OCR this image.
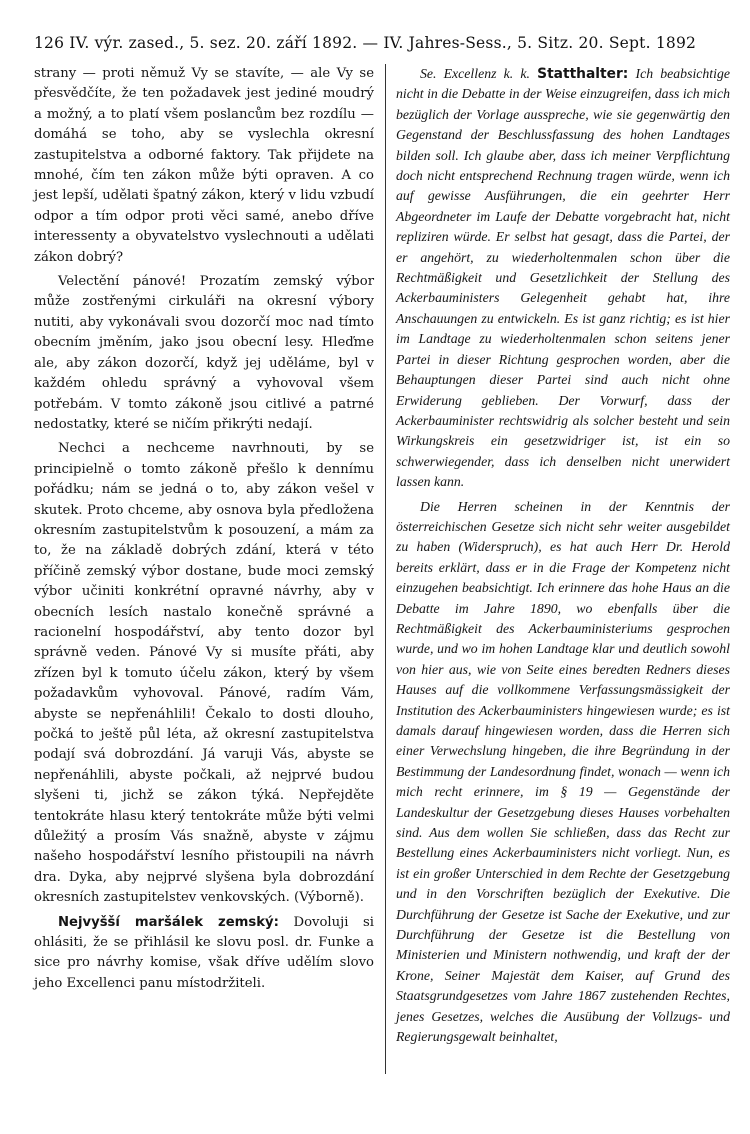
126 IV. výr. zased., 5. sez. 20. září 1892. — IV. Jahres-Sess., 5. Sitz. 20. Sept. 1892

strany — proti němuž Vy se stavíte, — ale Vy se přesvědčíte, že ten požadavek jest jediné moudrý a možný, a to platí všem poslancům bez rozdílu — domáhá se toho, aby se vyslechla okresní zastupitelstva a odborné faktory. Tak přijdete na mnohé, čím ten zákon může býti opraven. A co jest lepší, udělati špatný zákon, který v lidu vzbudí odpor a tím odpor proti věci samé, anebo dříve interessenty a obyvatelstvo vyslechnouti a udělati zákon dobrý?

Velectění pánové! Prozatím zemský výbor může zostřenými cirkuláři na okresní výbory nutiti, aby vykonávali svou dozorčí moc nad tímto obecním jměním, jako jsou obecní lesy. Hleďme ale, aby zákon dozorčí, když jej uděláme, byl v každém ohledu správný a vyhovoval všem potřebám. V tomto zákoně jsou citlivé a patrné nedostatky, které se ničím přikrýti nedají.

Nechci a nechceme navrhnouti, by se principielně o tomto zákoně přešlo k dennímu pořádku; nám se jedná o to, aby zákon vešel v skutek. Proto chceme, aby osnova byla předložena okresním zastupitelstvům k posouzení, a mám za to, že na základě dobrých zdání, která v této příčině zemský výbor dostane, bude moci zemský výbor učiniti konkrétní opravné návrhy, aby v obecních lesích nastalo konečně správné a racionelní hospodářství, aby tento dozor byl správně veden. Pánové Vy si musíte přáti, aby zřízen byl k tomuto účelu zákon, který by všem požadavkům vyhovoval. Pánové, radím Vám, abyste se nepřenáhlili! Čekalo to dosti dlouho, počká to ještě půl léta, až okresní zastupitelstva podají svá dobrozdání. Já varuji Vás, abyste se nepřenáhlili, abyste počkali, až nejprvé budou slyšeni ti, jichž se zákon týká. Nepřejděte tentokráte hlasu který tentokráte může býti velmi důležitý a prosím Vás snažně, abyste v zájmu našeho hospodářství lesního přistoupili na návrh dra. Dyka, aby nejprvé slyšena byla dobrozdání okresních zastupitelstev venkovských. (Výborně).

Nejvyšší maršálek zemský: Dovoluji si ohlásiti, že se přihlásil ke slovu posl. dr. Funke a sice pro návrhy komise, však dříve udělím slovo jeho Excellenci panu místodržiteli.

Se. Excellenz k. k. Statthalter: Ich beabsichtige nicht in die Debatte in der Weise einzugreifen, dass ich mich bezüglich der Vorlage ausspreche, wie sie gegenwärtig den Gegenstand der Beschlussfassung des hohen Landtages bilden soll. Ich glaube aber, dass ich meiner Verpflichtung doch nicht entsprechend Rechnung tragen würde, wenn ich auf gewisse Ausführungen, die ein geehrter Herr Abgeordneter im Laufe der Debatte vorgebracht hat, nicht repliziren würde. Er selbst hat gesagt, dass die Partei, der er angehört, zu wiederholtenmalen schon über die Rechtmäßigkeit und Gesetzlichkeit der Stellung des Ackerbauministers Gelegenheit gehabt hat, ihre Anschauungen zu entwickeln. Es ist ganz richtig; es ist hier im Landtage zu wiederholtenmalen schon seitens jener Partei in dieser Richtung gesprochen worden, aber die Behauptungen dieser Partei sind auch nicht ohne Erwiderung geblieben. Der Vorwurf, dass der Ackerbauminister rechtswidrig als solcher besteht und sein Wirkungskreis ein gesetzwidriger ist, ist ein so schwerwiegender, dass ich denselben nicht unerwidert lassen kann.

Die Herren scheinen in der Kenntnis der österreichischen Gesetze sich nicht sehr weiter ausgebildet zu haben (Widerspruch), es hat auch Herr Dr. Herold bereits erklärt, dass er in die Frage der Kompetenz nicht einzugehen beabsichtigt. Ich erinnere das hohe Haus an die Debatte im Jahre 1890, wo ebenfalls über die Rechtmäßigkeit des Ackerbauministeriums gesprochen wurde, und wo im hohen Landtage klar und deutlich sowohl von hier aus, wie von Seite eines beredten Redners dieses Hauses auf die vollkommene Verfassungsmässigkeit der Institution des Ackerbauministers hingewiesen wurde; es ist damals darauf hingewiesen worden, dass die Herren sich einer Verwechslung hingeben, die ihre Begründung in der Bestimmung der Landesordnung findet, wonach — wenn ich mich recht erinnere, im § 19 — Gegenstände der Landeskultur der Gesetzgebung dieses Hauses vorbehalten sind. Aus dem wollen Sie schließen, dass das Recht zur Bestellung eines Ackerbauministers nicht vorliegt. Nun, es ist ein großer Unterschied in dem Rechte der Gesetzgebung und in den Vorschriften bezüglich der Exekutive. Die Durchführung der Gesetze ist Sache der Exekutive, und zur Durchführung der Gesetze ist die Bestellung von Ministerien und Ministern nothwendig, und kraft der der Krone, Seiner Majestät dem Kaiser, auf Grund des Staatsgrundgesetzes vom Jahre 1867 zustehenden Rechtes, jenes Gesetzes, welches die Ausübung der Vollzugs- und Regierungsgewalt beinhaltet,
